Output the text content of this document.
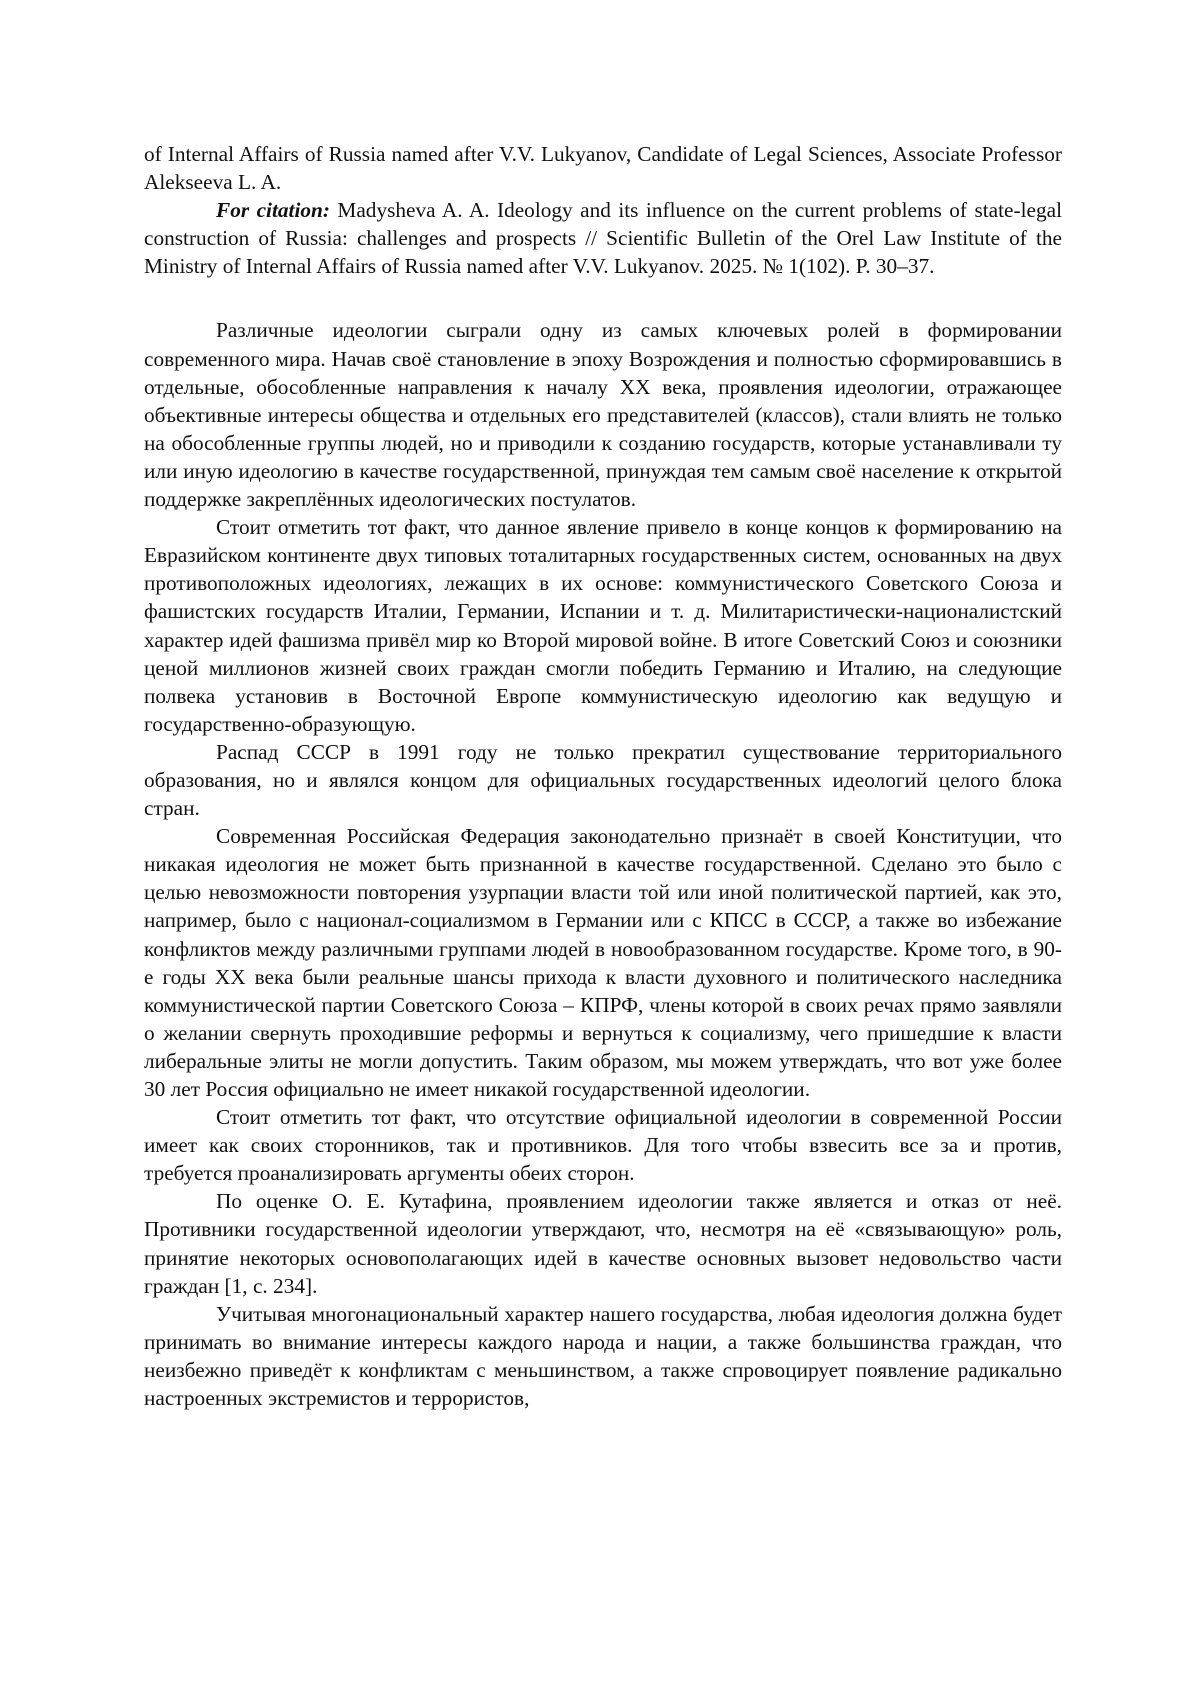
of Internal Affairs of Russia named after V.V. Lukyanov, Candidate of Legal Sciences, Associate Professor Alekseeva L. A.

For citation: Madysheva A. A. Ideology and its influence on the current problems of state-legal construction of Russia: challenges and prospects // Scientific Bulletin of the Orel Law Institute of the Ministry of Internal Affairs of Russia named after V.V. Lukyanov. 2025. № 1(102). P. 30–37.

Различные идеологии сыграли одну из самых ключевых ролей в формировании современного мира. Начав своё становление в эпоху Возрождения и полностью сформировавшись в отдельные, обособленные направления к началу XX века, проявления идеологии, отражающее объективные интересы общества и отдельных его представителей (классов), стали влиять не только на обособленные группы людей, но и приводили к созданию государств, которые устанавливали ту или иную идеологию в качестве государственной, принуждая тем самым своё население к открытой поддержке закреплённых идеологических постулатов.

Стоит отметить тот факт, что данное явление привело в конце концов к формированию на Евразийском континенте двух типовых тоталитарных государственных систем, основанных на двух противоположных идеологиях, лежащих в их основе: коммунистического Советского Союза и фашистских государств Италии, Германии, Испании и т. д. Милитаристически-националистский характер идей фашизма привёл мир ко Второй мировой войне. В итоге Советский Союз и союзники ценой миллионов жизней своих граждан смогли победить Германию и Италию, на следующие полвека установив в Восточной Европе коммунистическую идеологию как ведущую и государственно-образующую.

Распад СССР в 1991 году не только прекратил существование территориального образования, но и являлся концом для официальных государственных идеологий целого блока стран.

Современная Российская Федерация законодательно признаёт в своей Конституции, что никакая идеология не может быть признанной в качестве государственной. Сделано это было с целью невозможности повторения узурпации власти той или иной политической партией, как это, например, было с национал-социализмом в Германии или с КПСС в СССР, а также во избежание конфликтов между различными группами людей в новообразованном государстве. Кроме того, в 90-е годы XX века были реальные шансы прихода к власти духовного и политического наследника коммунистической партии Советского Союза – КПРФ, члены которой в своих речах прямо заявляли о желании свернуть проходившие реформы и вернуться к социализму, чего пришедшие к власти либеральные элиты не могли допустить. Таким образом, мы можем утверждать, что вот уже более 30 лет Россия официально не имеет никакой государственной идеологии.

Стоит отметить тот факт, что отсутствие официальной идеологии в современной России имеет как своих сторонников, так и противников. Для того чтобы взвесить все за и против, требуется проанализировать аргументы обеих сторон.

По оценке О. Е. Кутафина, проявлением идеологии также является и отказ от неё. Противники государственной идеологии утверждают, что, несмотря на её «связывающую» роль, принятие некоторых основополагающих идей в качестве основных вызовет недовольство части граждан [1, с. 234].

Учитывая многонациональный характер нашего государства, любая идеология должна будет принимать во внимание интересы каждого народа и нации, а также большинства граждан, что неизбежно приведёт к конфликтам с меньшинством, а также спровоцирует появление радикально настроенных экстремистов и террористов,
